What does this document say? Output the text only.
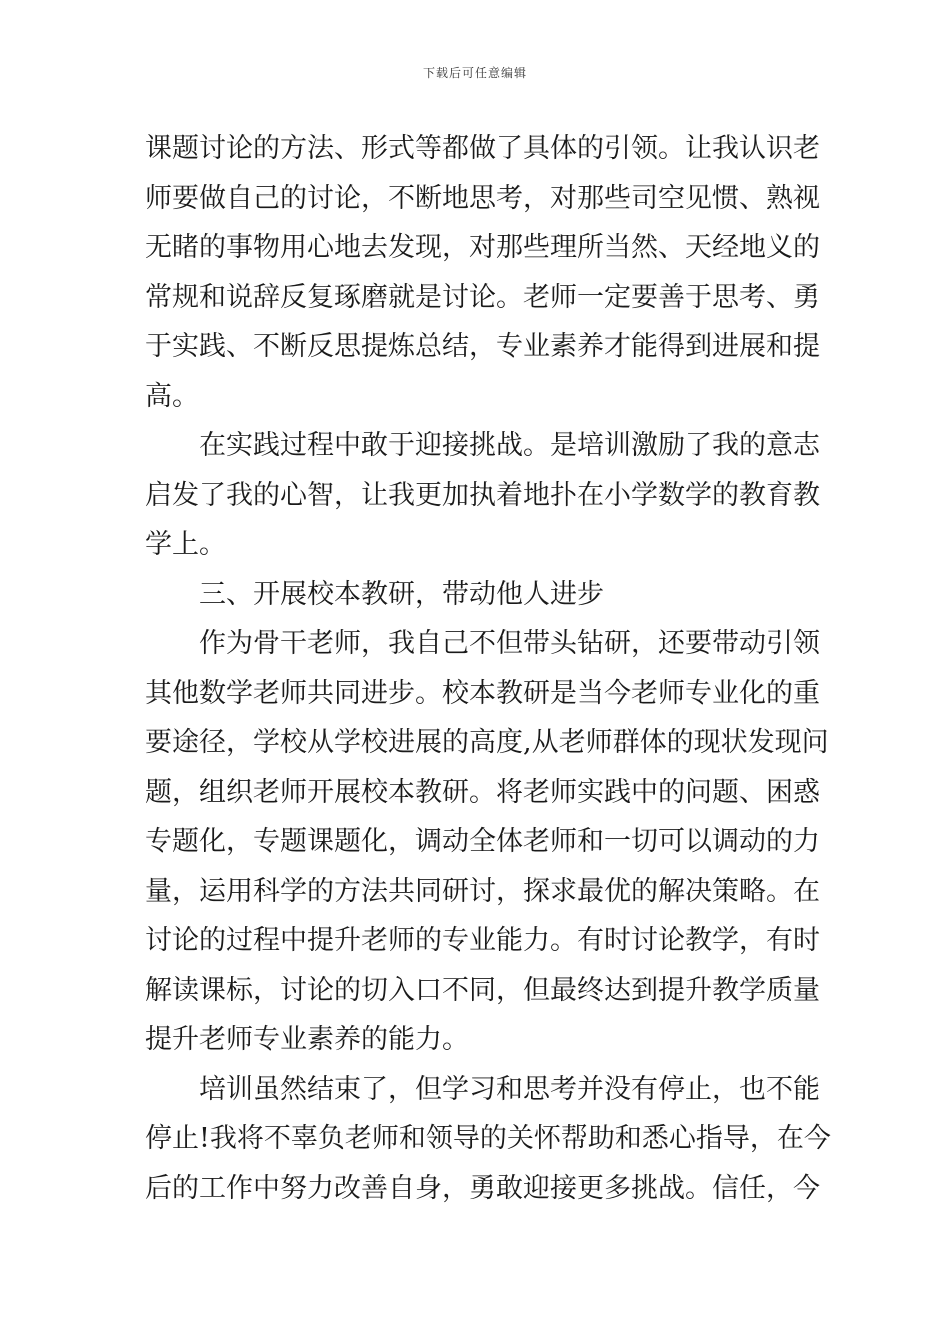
下载后可任意编辑
课题讨论的方法、形式等都做了具体的引领。让我认识老
师要做自己的讨论，不断地思考，对那些司空见惯、熟视
无睹的事物用心地去发现，对那些理所当然、天经地义的
常规和说辞反复琢磨就是讨论。老师一定要善于思考、勇
于实践、不断反思提炼总结，专业素养才能得到进展和提
高。
在实践过程中敢于迎接挑战。是培训激励了我的意志
启发了我的心智，让我更加执着地扑在小学数学的教育教
学上。
三、开展校本教研，带动他人进步
作为骨干老师，我自己不但带头钻研，还要带动引领
其他数学老师共同进步。校本教研是当今老师专业化的重
要途径，学校从学校进展的高度,从老师群体的现状发现问
题，组织老师开展校本教研。将老师实践中的问题、困惑
专题化，专题课题化，调动全体老师和一切可以调动的力
量，运用科学的方法共同研讨，探求最优的解决策略。在
讨论的过程中提升老师的专业能力。有时讨论教学，有时
解读课标，讨论的切入口不同，但最终达到提升教学质量
提升老师专业素养的能力。
培训虽然结束了，但学习和思考并没有停止，也不能
停止!我将不辜负老师和领导的关怀帮助和悉心指导，在今
后的工作中努力改善自身，勇敢迎接更多挑战。信任，今
